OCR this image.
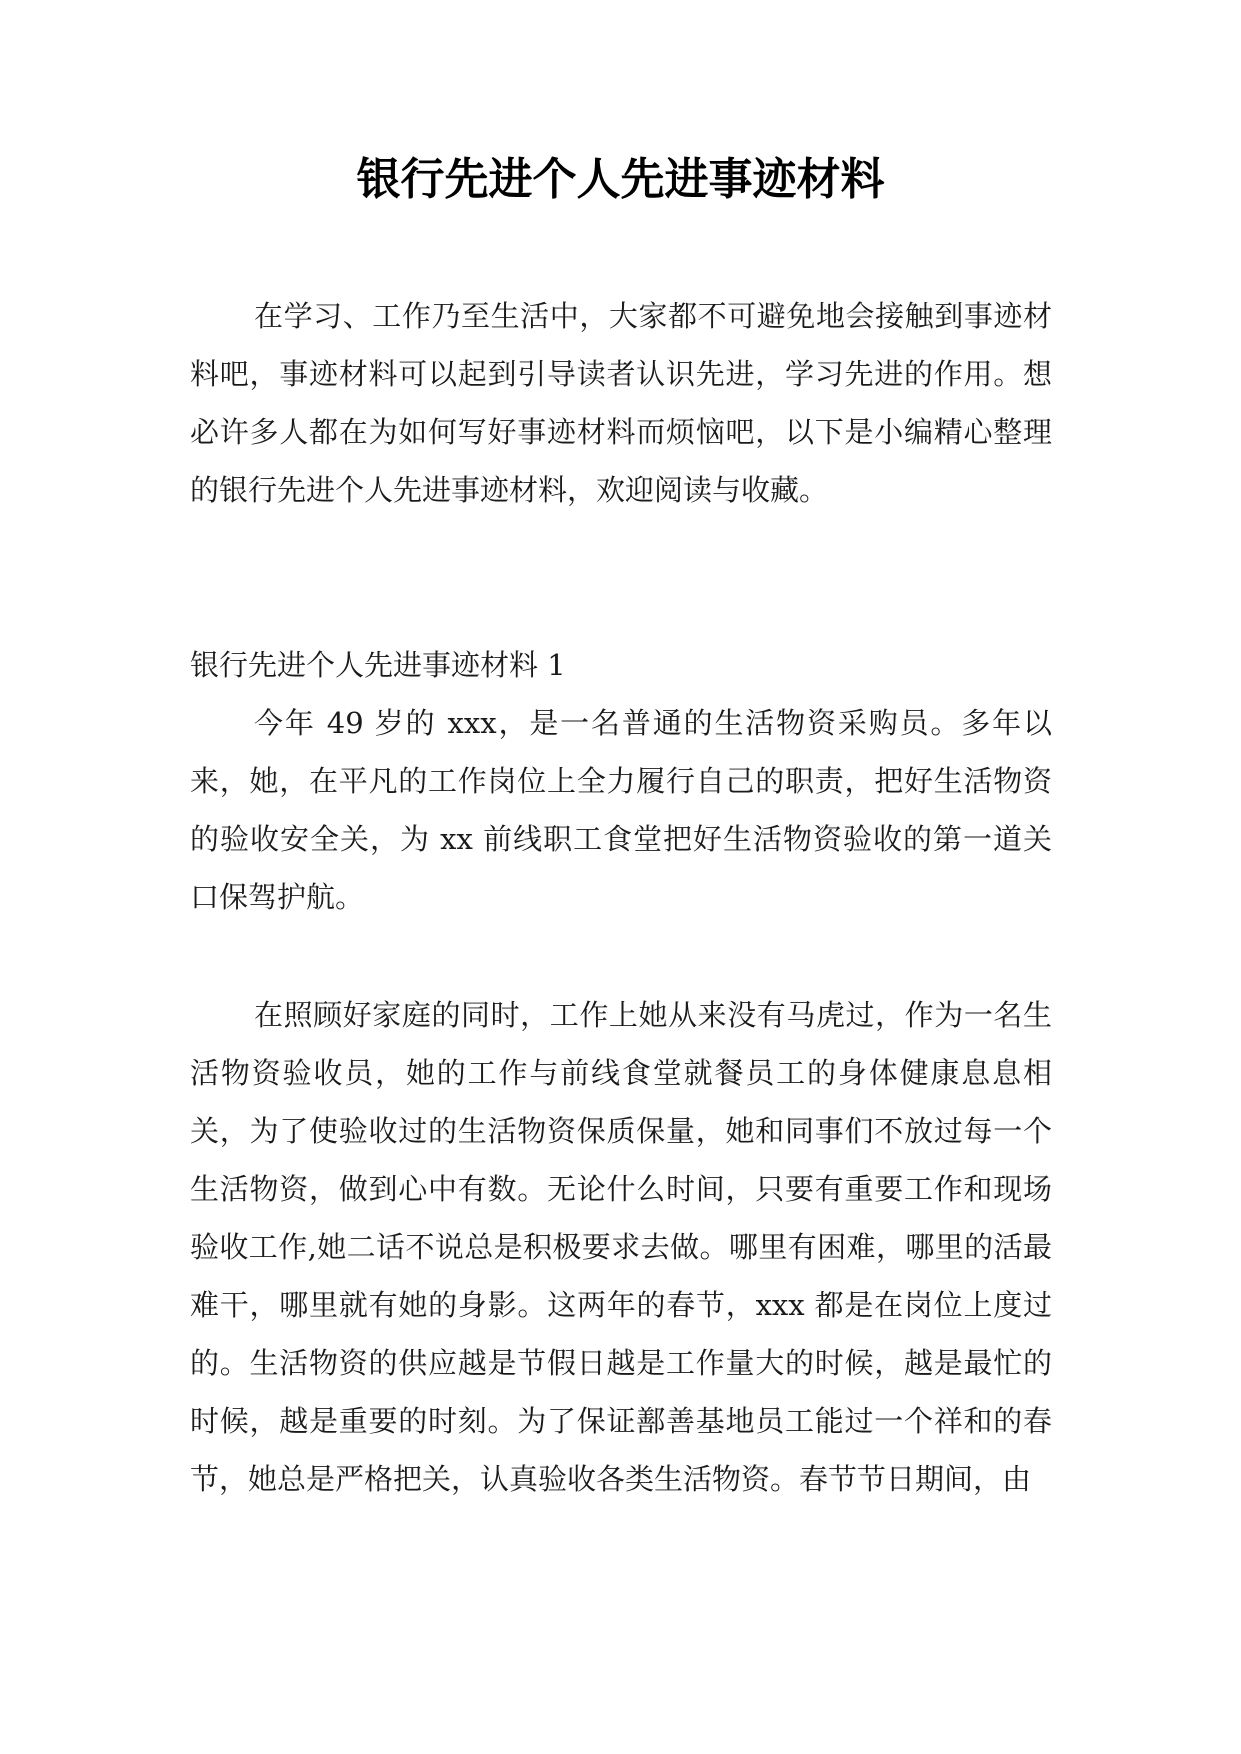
银行先进个人先进事迹材料

在学习、工作乃至生活中，大家都不可避免地会接触到事迹材料吧，事迹材料可以起到引导读者认识先进，学习先进的作用。想必许多人都在为如何写好事迹材料而烦恼吧，以下是小编精心整理的银行先进个人先进事迹材料，欢迎阅读与收藏。

银行先进个人先进事迹材料 1

今年 49 岁的 xxx，是一名普通的生活物资采购员。多年以来，她，在平凡的工作岗位上全力履行自己的职责，把好生活物资的验收安全关，为 xx 前线职工食堂把好生活物资验收的第一道关口保驾护航。

在照顾好家庭的同时，工作上她从来没有马虎过，作为一名生活物资验收员，她的工作与前线食堂就餐员工的身体健康息息相关，为了使验收过的生活物资保质保量，她和同事们不放过每一个生活物资，做到心中有数。无论什么时间，只要有重要工作和现场验收工作,她二话不说总是积极要求去做。哪里有困难，哪里的活最难干，哪里就有她的身影。这两年的春节，xxx 都是在岗位上度过的。生活物资的供应越是节假日越是工作量大的时候，越是最忙的时候，越是重要的时刻。为了保证鄯善基地员工能过一个祥和的春节，她总是严格把关，认真验收各类生活物资。春节节日期间，由
